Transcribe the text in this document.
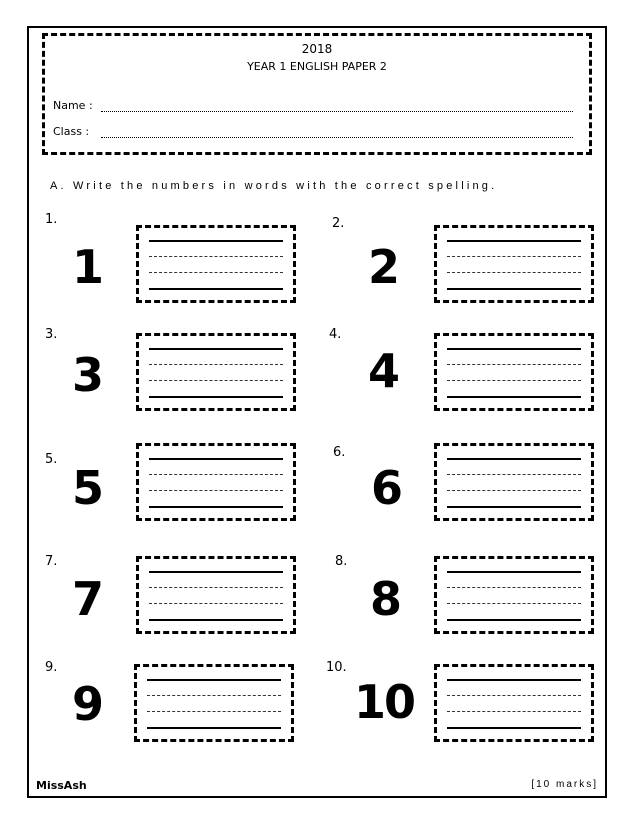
2018
YEAR 1 ENGLISH PAPER 2
Name :
Class :
A. Write the numbers in words with the correct spelling.
1.
1
2.
2
3.
3
4.
4
5.
5
6.
6
7.
7
8.
8
9.
9
10.
10
MissAsh	[10 marks]
